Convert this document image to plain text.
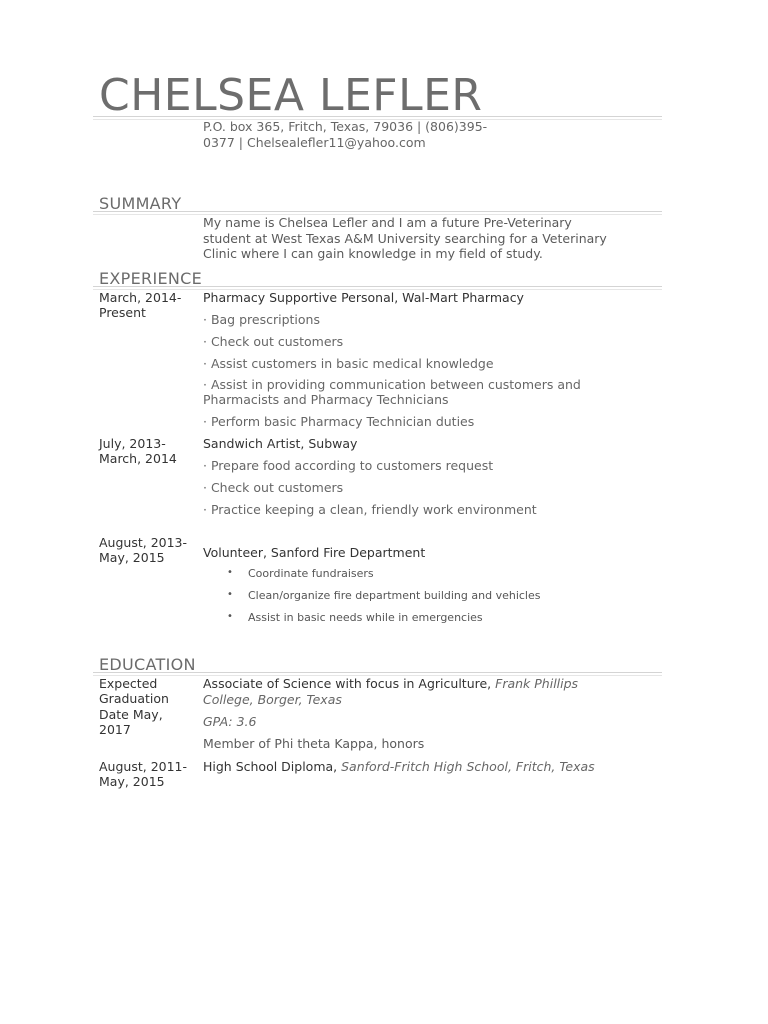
CHELSEA LEFLER
P.O. box 365, Fritch, Texas, 79036 | (806)395-0377 | Chelsealefler11@yahoo.com
SUMMARY
My name is Chelsea Lefler and I am a future Pre-Veterinary student at West Texas A&M University searching for a Veterinary Clinic where I can gain knowledge in my field of study.
EXPERIENCE
March, 2014- Present
Pharmacy Supportive Personal, Wal-Mart Pharmacy
· Bag prescriptions
· Check out customers
· Assist customers in basic medical knowledge
· Assist in providing communication between customers and Pharmacists and Pharmacy Technicians
· Perform basic Pharmacy Technician duties
July, 2013- March, 2014
Sandwich Artist, Subway
· Prepare food according to customers request
· Check out customers
· Practice keeping a clean, friendly work environment
August, 2013- May, 2015	Volunteer, Sanford Fire Department
• Coordinate fundraisers
• Clean/organize fire department building and vehicles
• Assist in basic needs while in emergencies
EDUCATION
Expected Graduation Date May, 2017
Associate of Science with focus in Agriculture, Frank Phillips College, Borger, Texas
GPA: 3.6
Member of Phi theta Kappa, honors
August, 2011- May, 2015
High School Diploma, Sanford-Fritch High School, Fritch, Texas
